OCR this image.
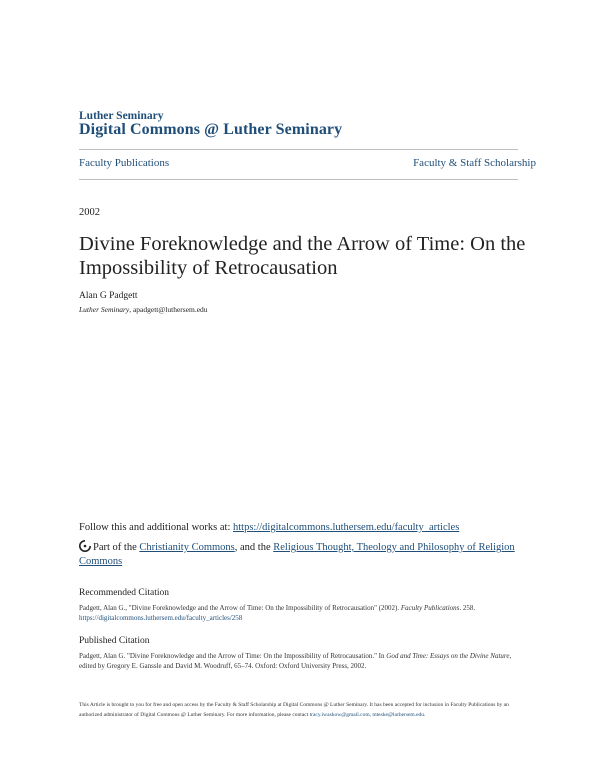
Luther Seminary
Digital Commons @ Luther Seminary
Faculty Publications	Faculty & Staff Scholarship
2002
Divine Foreknowledge and the Arrow of Time: On the Impossibility of Retrocausation
Alan G Padgett
Luther Seminary, apadgett@luthersem.edu
Follow this and additional works at: https://digitalcommons.luthersem.edu/faculty_articles
Part of the Christianity Commons, and the Religious Thought, Theology and Philosophy of Religion Commons
Recommended Citation
Padgett, Alan G., "Divine Foreknowledge and the Arrow of Time: On the Impossibility of Retrocausation" (2002). Faculty Publications. 258.
https://digitalcommons.luthersem.edu/faculty_articles/258
Published Citation
Padgett, Alan G. "Divine Foreknowledge and the Arrow of Time: On the Impossibility of Retrocausation." In God and Time: Essays on the Divine Nature, edited by Gregory E. Ganssle and David M. Woodruff, 65–74. Oxford: Oxford University Press, 2002.
This Article is brought to you for free and open access by the Faculty & Staff Scholarship at Digital Commons @ Luther Seminary. It has been accepted for inclusion in Faculty Publications by an authorized administrator of Digital Commons @ Luther Seminary. For more information, please contact tracy.iwaskow@gmail.com, mteske@luthersem.edu.
